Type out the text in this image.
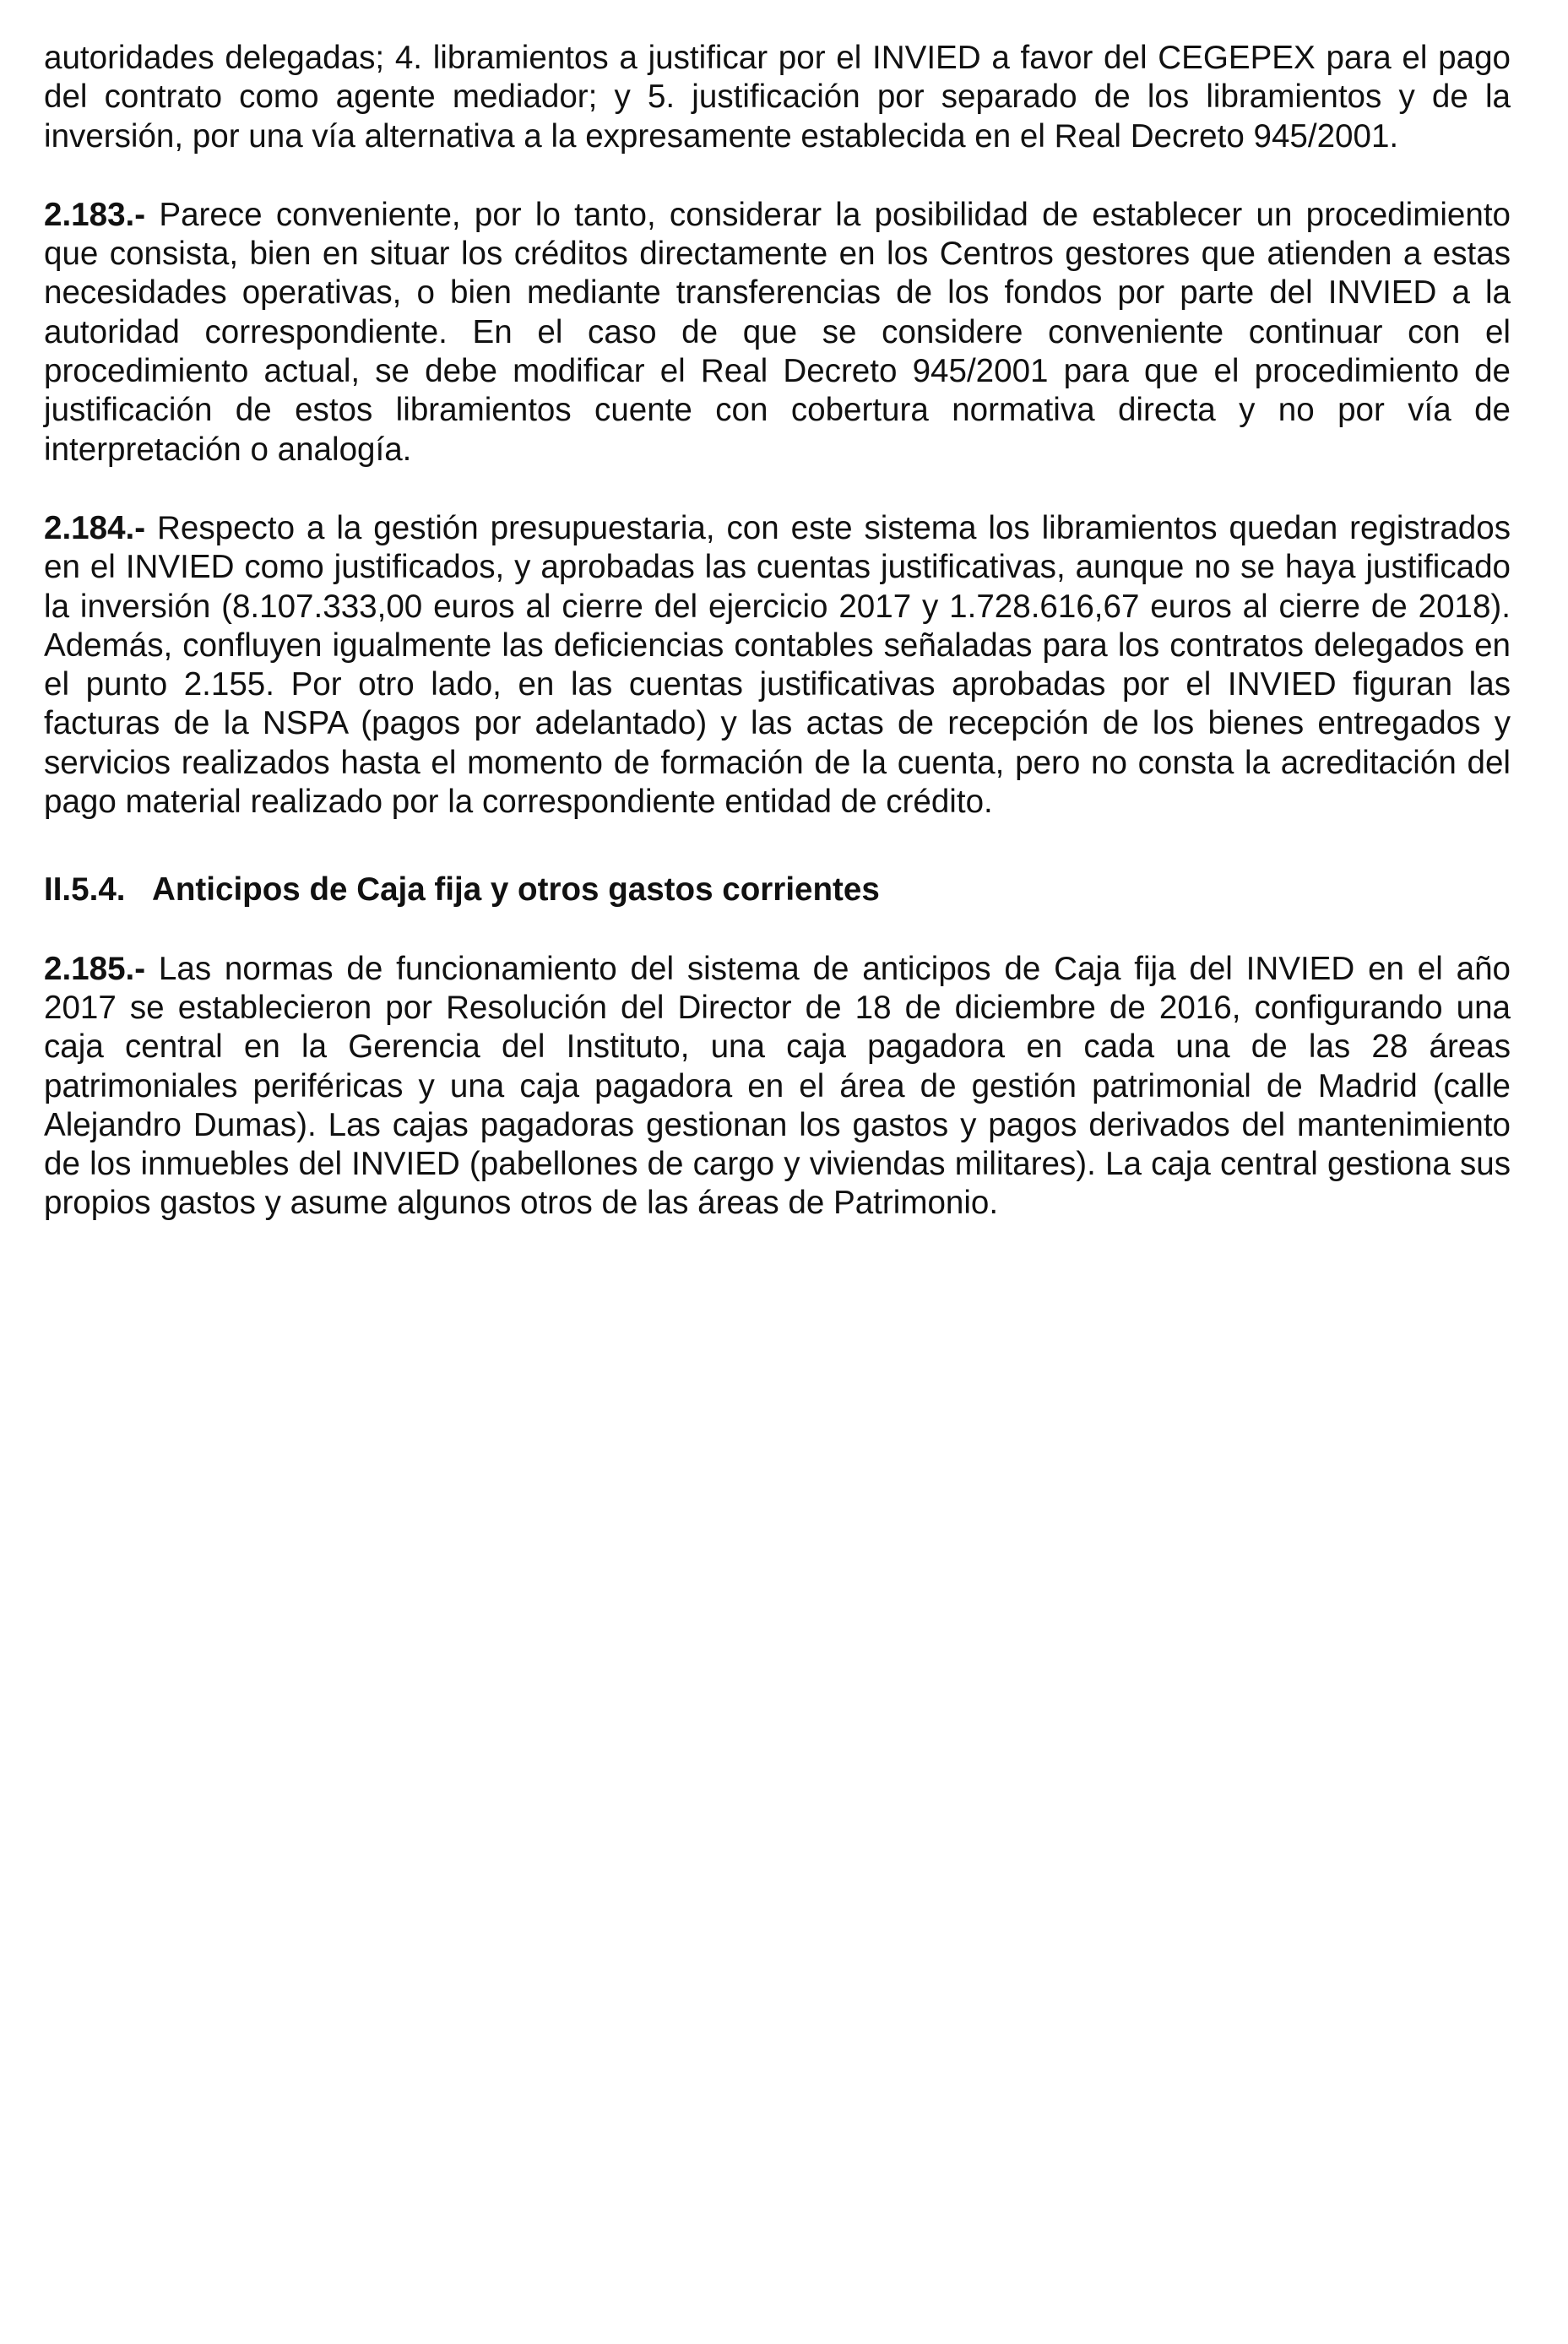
autoridades delegadas; 4. libramientos a justificar por el INVIED a favor del CEGEPEX para el pago del contrato como agente mediador; y 5. justificación por separado de los libramientos y de la inversión, por una vía alternativa a la expresamente establecida en el Real Decreto 945/2001.

2.183.- Parece conveniente, por lo tanto, considerar la posibilidad de establecer un procedimiento que consista, bien en situar los créditos directamente en los Centros gestores que atienden a estas necesidades operativas, o bien mediante transferencias de los fondos por parte del INVIED a la autoridad correspondiente. En el caso de que se considere conveniente continuar con el procedimiento actual, se debe modificar el Real Decreto 945/2001 para que el procedimiento de justificación de estos libramientos cuente con cobertura normativa directa y no por vía de interpretación o analogía.

2.184.- Respecto a la gestión presupuestaria, con este sistema los libramientos quedan registrados en el INVIED como justificados, y aprobadas las cuentas justificativas, aunque no se haya justificado la inversión (8.107.333,00 euros al cierre del ejercicio 2017 y 1.728.616,67 euros al cierre de 2018). Además, confluyen igualmente las deficiencias contables señaladas para los contratos delegados en el punto 2.155. Por otro lado, en las cuentas justificativas aprobadas por el INVIED figuran las facturas de la NSPA (pagos por adelantado) y las actas de recepción de los bienes entregados y servicios realizados hasta el momento de formación de la cuenta, pero no consta la acreditación del pago material realizado por la correspondiente entidad de crédito.

II.5.4. Anticipos de Caja fija y otros gastos corrientes

2.185.- Las normas de funcionamiento del sistema de anticipos de Caja fija del INVIED en el año 2017 se establecieron por Resolución del Director de 18 de diciembre de 2016, configurando una caja central en la Gerencia del Instituto, una caja pagadora en cada una de las 28 áreas patrimoniales periféricas y una caja pagadora en el área de gestión patrimonial de Madrid (calle Alejandro Dumas). Las cajas pagadoras gestionan los gastos y pagos derivados del mantenimiento de los inmuebles del INVIED (pabellones de cargo y viviendas militares). La caja central gestiona sus propios gastos y asume algunos otros de las áreas de Patrimonio.
